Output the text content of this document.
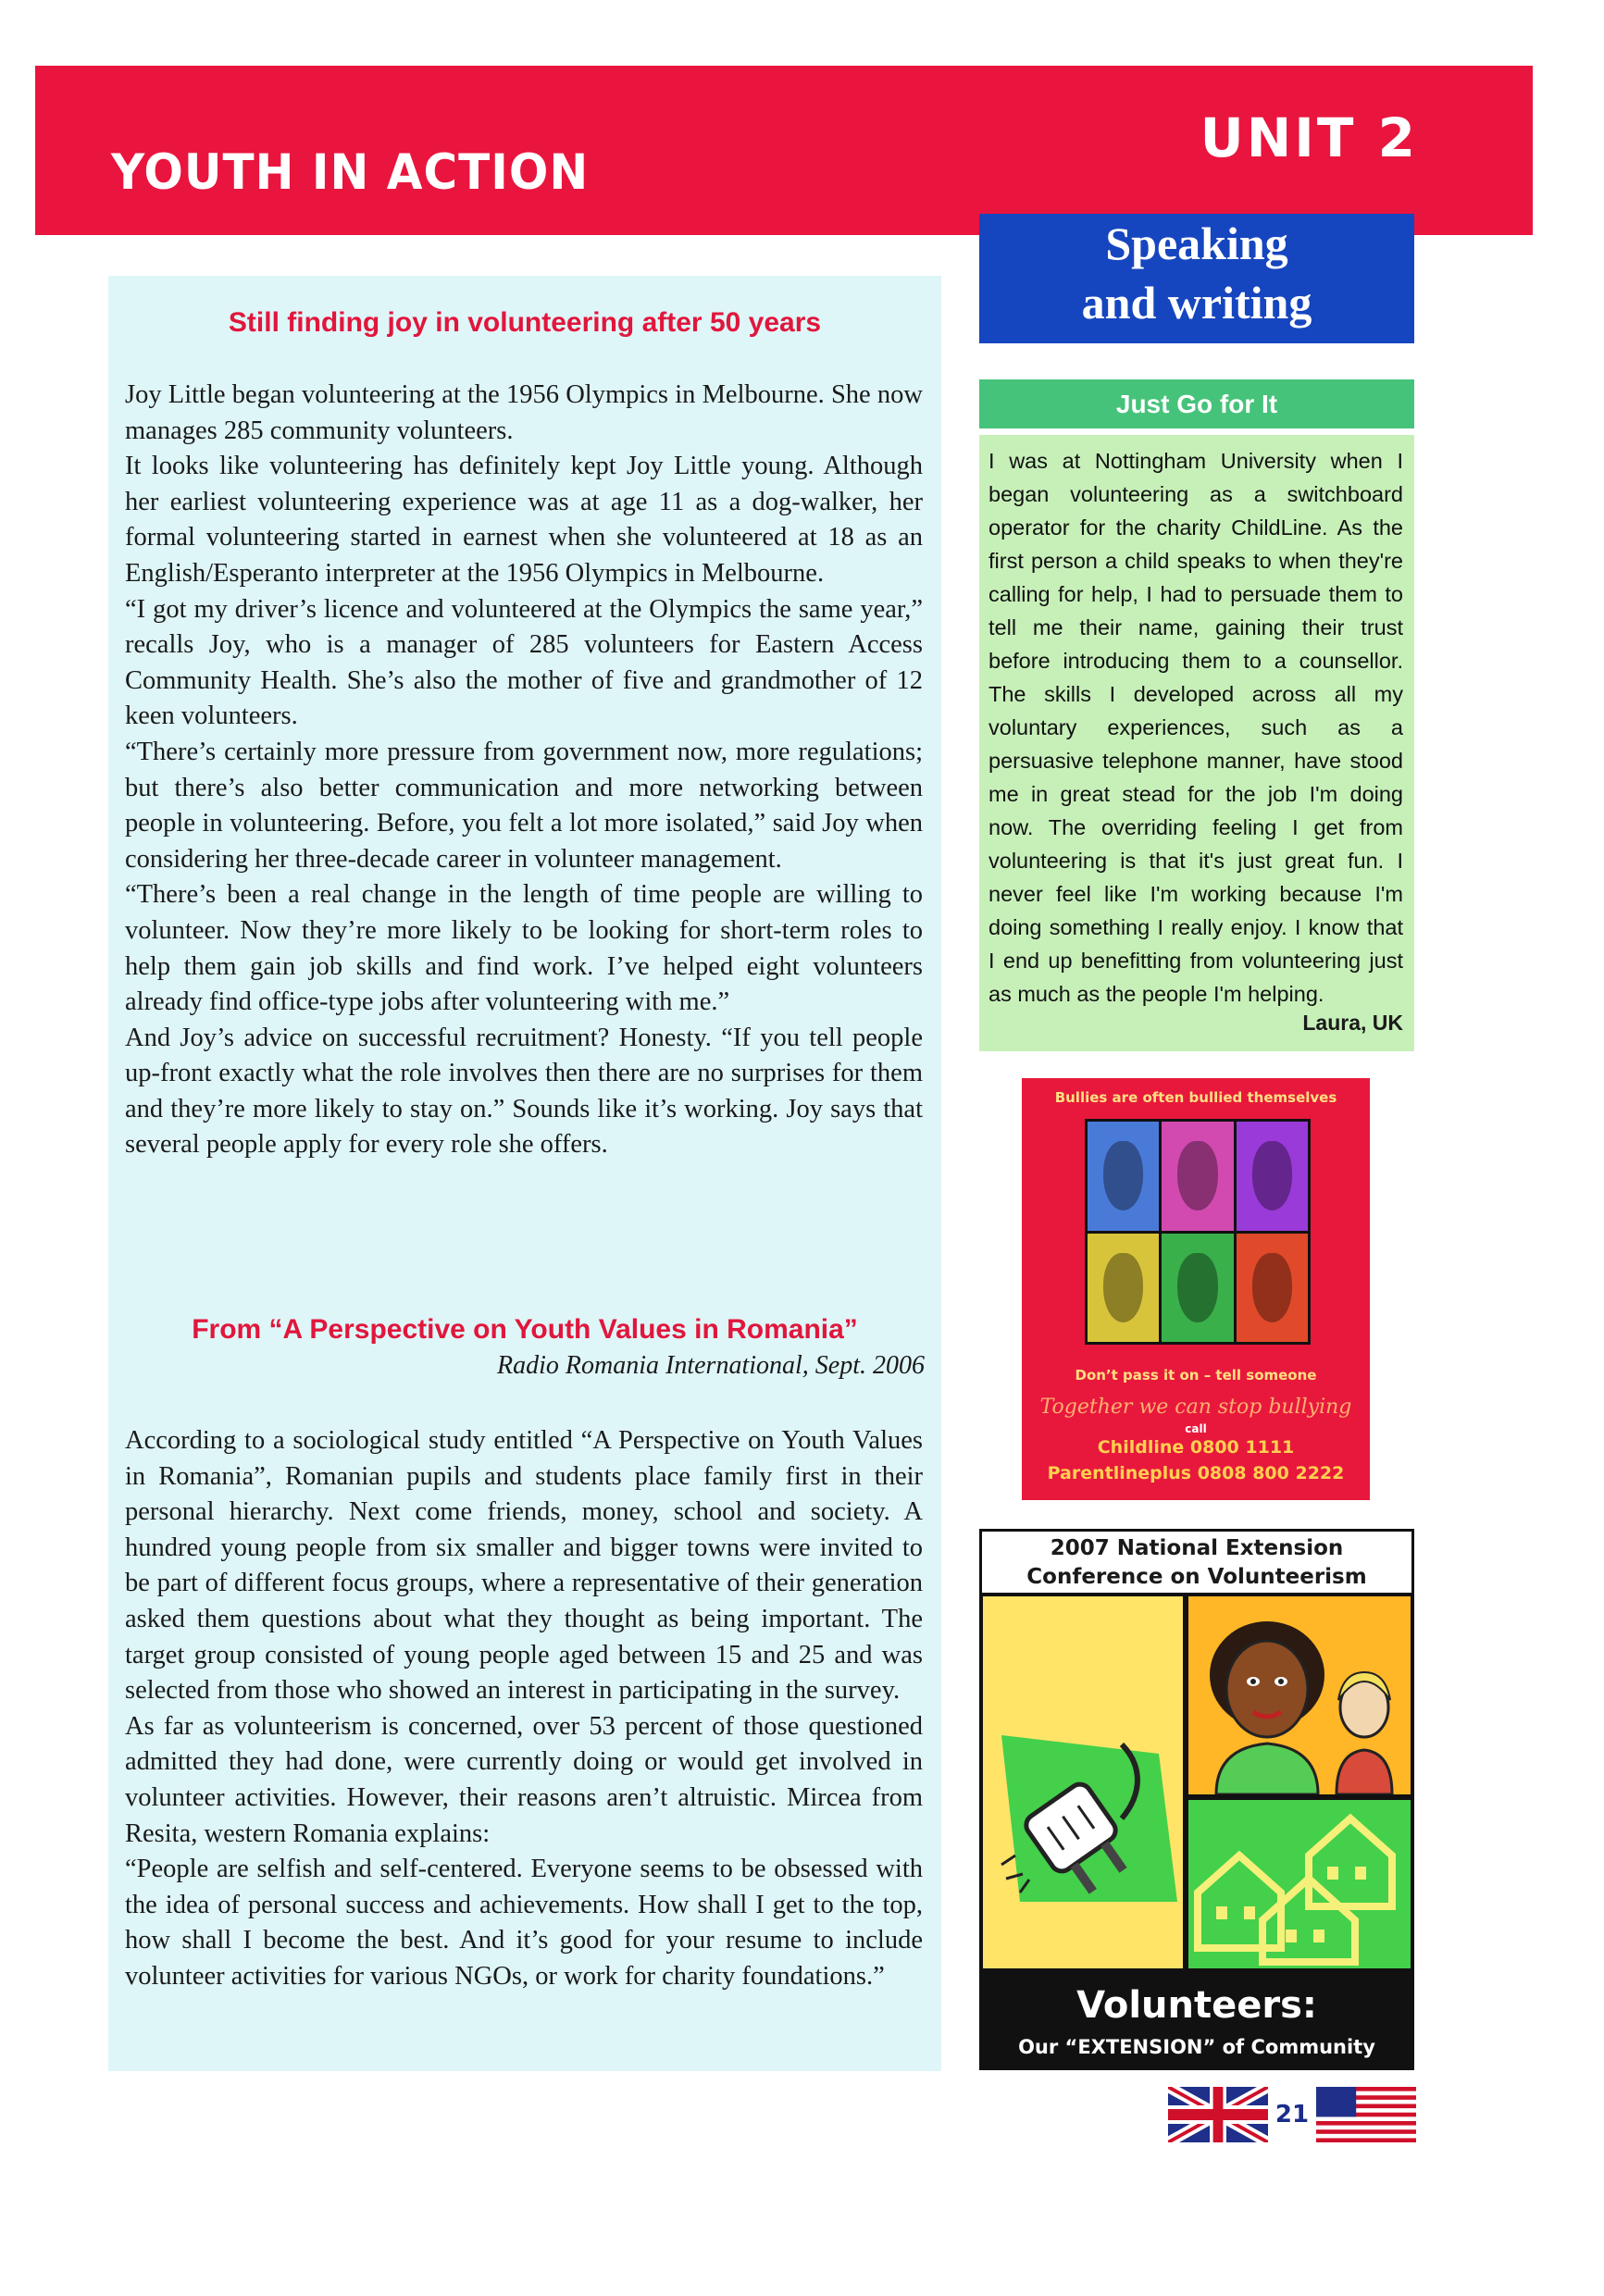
YOUTH IN ACTION
UNIT 2
Still finding joy in volunteering after 50 years

Joy Little began volunteering at the 1956 Olympics in Melbourne. She now manages 285 community volunteers.

It looks like volunteering has definitely kept Joy Little young. Although her earliest volunteering experience was at age 11 as a dog-walker, her formal volunteering started in earnest when she volunteered at 18 as an English/Esperanto interpreter at the 1956 Olympics in Melbourne.

“I got my driver’s licence and volunteered at the Olympics the same year,” recalls Joy, who is a manager of 285 volunteers for Eastern Access Community Health. She’s also the mother of five and grandmother of 12 keen volunteers.

“There’s certainly more pressure from government now, more regulations; but there’s also better communication and more networking between people in volunteering. Before, you felt a lot more isolated,” said Joy when considering her three-decade career in volunteer management.

“There’s been a real change in the length of time people are willing to volunteer. Now they’re more likely to be looking for short-term roles to help them gain job skills and find work. I’ve helped eight volunteers already find office-type jobs after volunteering with me.”

And Joy’s advice on successful recruitment? Honesty. “If you tell people up-front exactly what the role involves then there are no surprises for them and they’re more likely to stay on.” Sounds like it’s working. Joy says that several people apply for every role she offers.

From “A Perspective on Youth Values in Romania”
Radio Romania International, Sept. 2006

According to a sociological study entitled “A Perspective on Youth Values in Romania”, Romanian pupils and students place family first in their personal hierarchy. Next come friends, money, school and society. A hundred young people from six smaller and bigger towns were invited to be part of different focus groups, where a representative of their generation asked them questions about what they thought as being important. The target group consisted of young people aged between 15 and 25 and was selected from those who showed an interest in participating in the survey.

As far as volunteerism is concerned, over 53 percent of those questioned admitted they had done, were currently doing or would get involved in volunteer activities. However, their reasons aren’t altruistic. Mircea from Resita, western Romania explains:

“People are selfish and self-centered. Everyone seems to be obsessed with the idea of personal success and achievements. How shall I get to the top, how shall I become the best. And it’s good for your resume to include volunteer activities for various NGOs, or work for charity foundations.”

Speaking
and writing
Just Go for It
I was at Nottingham University when I began volunteering as a switchboard operator for the charity ChildLine. As the first person a child speaks to when they're calling for help, I had to persuade them to tell me their name, gaining their trust before introducing them to a counsellor. The skills I developed across all my voluntary experiences, such as a persuasive telephone manner, have stood me in great stead for the job I'm doing now. The overriding feeling I get from volunteering is that it's just great fun. I never feel like I'm working because I'm doing something I really enjoy. I know that I end up benefitting from volunteering just as much as the people I'm helping.
Laura, UK
Bullies are often bullied themselves
Don’t pass it on – tell someone
Together we can stop bullying
call
Childline 0800 1111
Parentlineplus 0808 800 2222
2007 National Extension
Conference on Volunteerism
Volunteers:
Our “EXTENSION” of Community
21
